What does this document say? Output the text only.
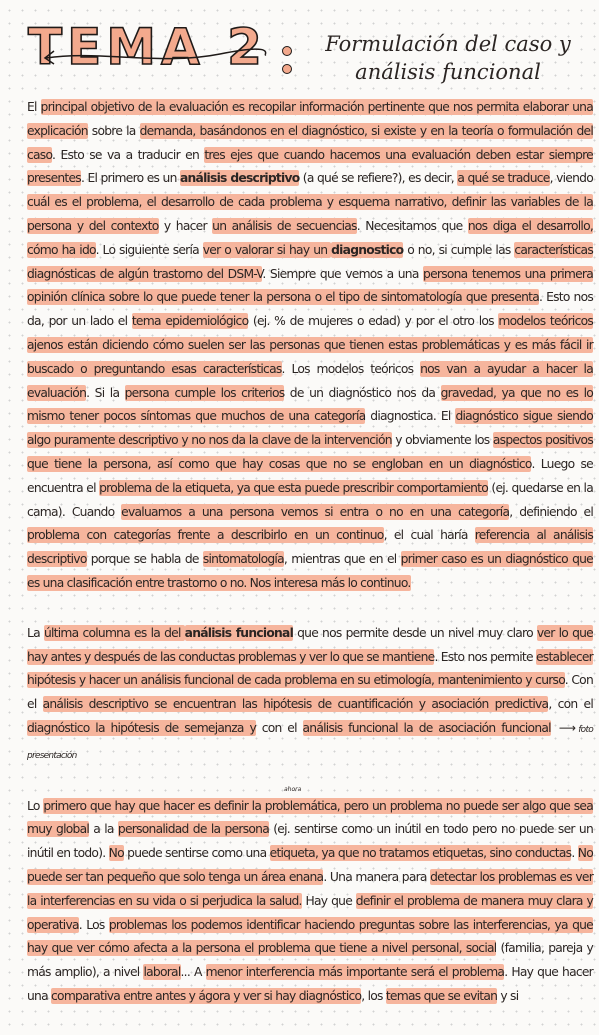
TEMA 2	Formulación del caso y análisis funcional

El principal objetivo de la evaluación es recopilar información pertinente que nos permita elaborar una explicación sobre la demanda, basándonos en el diagnóstico, si existe y en la teoría o formulación del caso. Esto se va a traducir en tres ejes que cuando hacemos una evaluación deben estar siempre presentes. El primero es un análisis descriptivo (a qué se refiere?), es decir, a qué se traduce, viendo cuál es el problema, el desarrollo de cada problema y esquema narrativo, definir las variables de la persona y del contexto y hacer un análisis de secuencias. Necesitamos que nos diga el desarrollo, cómo ha ido. Lo siguiente sería ver o valorar si hay un diagnostico o no, si cumple las características diagnósticas de algún trastorno del DSM-V. Siempre que vemos a una persona tenemos una primera opinión clínica sobre lo que puede tener la persona o el tipo de sintomatología que presenta. Esto nos da, por un lado el tema epidemiológico (ej. % de mujeres o edad) y por el otro los modelos teóricos ajenos están diciendo cómo suelen ser las personas que tienen estas problemáticas y es más fácil ir buscado o preguntando esas características. Los modelos teóricos nos van a ayudar a hacer la evaluación. Si la persona cumple los criterios de un diagnóstico nos da gravedad, ya que no es lo mismo tener pocos síntomas que muchos de una categoría diagnostica. El diagnóstico sigue siendo algo puramente descriptivo y no nos da la clave de la intervención y obviamente los aspectos positivos que tiene la persona, así como que hay cosas que no se engloban en un diagnóstico. Luego se encuentra el problema de la etiqueta, ya que esta puede prescribir comportamiento (ej. quedarse en la cama). Cuando evaluamos a una persona vemos si entra o no en una categoría, definiendo el problema con categorías frente a describirlo en un continuo, el cual haría referencia al análisis descriptivo porque se habla de sintomatología, mientras que en el primer caso es un diagnóstico que es una clasificación entre trastorno o no. Nos interesa más lo continuo.

La última columna es la del análisis funcional que nos permite desde un nivel muy claro ver lo que hay antes y después de las conductas problemas y ver lo que se mantiene. Esto nos permite establecer hipótesis y hacer un análisis funcional de cada problema en su etimología, mantenimiento y curso. Con el análisis descriptivo se encuentran las hipótesis de cuantificación y asociación predictiva, con el diagnóstico la hipótesis de semejanza y con el análisis funcional la de asociación funcional ⟶ foto presentación

Lo primero que hay que hacer es definir la problemática, pero un problema no puede ser algo que sea muy global a la personalidad de la persona (ej. sentirse como un inútil en todo pero no puede ser un inútil en todo). No puede sentirse como una etiqueta, ya que no tratamos etiquetas, sino conductas. No puede ser tan pequeño que solo tenga un área enana. Una manera para detectar los problemas es ver la interferencias en su vida o si perjudica la salud. Hay que definir el problema de manera muy clara y operativa. Los problemas los podemos identificar haciendo preguntas sobre las interferencias, ya que hay que ver cómo afecta a la persona el problema que tiene a nivel personal, social (familia, pareja y más amplio), a nivel laboral... A menor interferencia más importante será el problema. Hay que hacer una comparativa entre antes y ágora y ver si hay diagnóstico, los temas que se evitan y si

ahora
